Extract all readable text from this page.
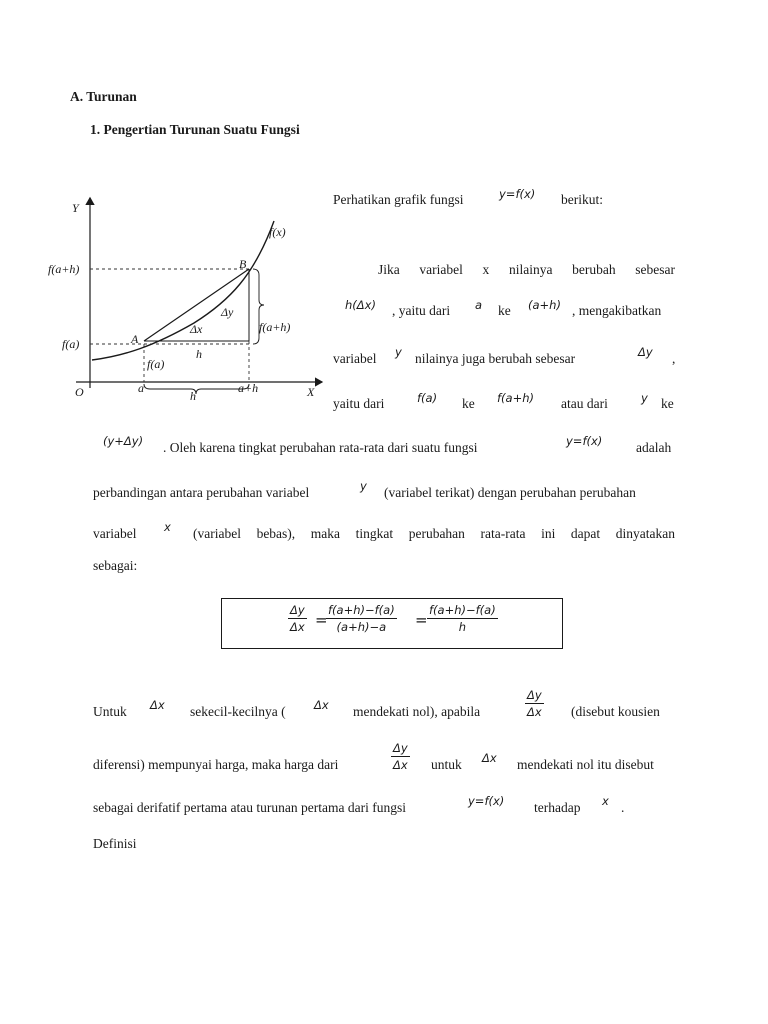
A. Turunan
1. Pengertian Turunan Suatu Fungsi
Y
X
O
f(x)
f(a+h)
f(a)	A
B
Δy
Δx
h
f(a)
f(a+h)
a	a+h
h
Perhatikan grafik fungsi	y=f(x) berikut:
Jika variabel x nilainya berubah sebesar
h(Δx) , yaitu dari a ke (a+h) , mengakibatkan
variabel y nilainya juga berubah sebesar	Δy ,
yaitu dari	f(a) ke f(a+h) atau dari	y ke
(y+Δy) . Oleh karena tingkat perubahan rata-rata dari suatu fungsi	y=f(x) adalah
perbandingan antara perubahan variabel	y (variabel terikat) dengan perubahan perubahan
variabel x (variabel bebas), maka tingkat perubahan rata-rata ini dapat dinyatakan
sebagai:
$\frac{\Delta y}{\Delta x}$ =
$\frac{f(a+h)-f(a)}{(a+h)-a} = \frac{f(a+h)-f(a)}{h}$
Untuk Δx sekecil-kecilnya ( Δx mendekati nol), apabila	$\frac{\Delta y}{\Delta x}$ (disebut kousien
diferensi) mempunyai harga, maka harga dari	$\frac{\Delta y}{\Delta x}$ untuk Δx mendekati nol itu disebut
sebagai derifatif pertama atau turunan pertama dari fungsi	y=f(x) terhadap x .
Definisi
